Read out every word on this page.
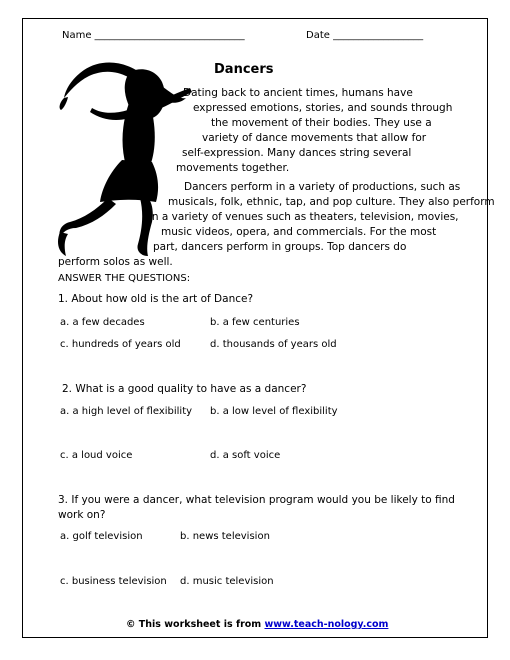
Name ______________________________	Date __________________
Dancers
Dating back to ancient times, humans have
expressed emotions, stories, and sounds through
the movement of their bodies. They use a
variety of dance movements that allow for
self-expression. Many dances string several
movements together.
Dancers perform in a variety of productions, such as
musicals, folk, ethnic, tap, and pop culture. They also perform
in a variety of venues such as theaters, television, movies,
music videos, opera, and commercials. For the most
part, dancers perform in groups. Top dancers do
perform solos as well.
ANSWER THE QUESTIONS:
1. About how old is the art of Dance?
a. a few decades	b. a few centuries
c. hundreds of years old	d. thousands of years old
2. What is a good quality to have as a dancer?
a. a high level of flexibility b. a low level of flexibility
c. a loud voice	d. a soft voice
3. If you were a dancer, what television program would you be likely to find
work on?
a. golf television	b. news television
c. business television d. music television
© This worksheet is from www.teach-nology.com
